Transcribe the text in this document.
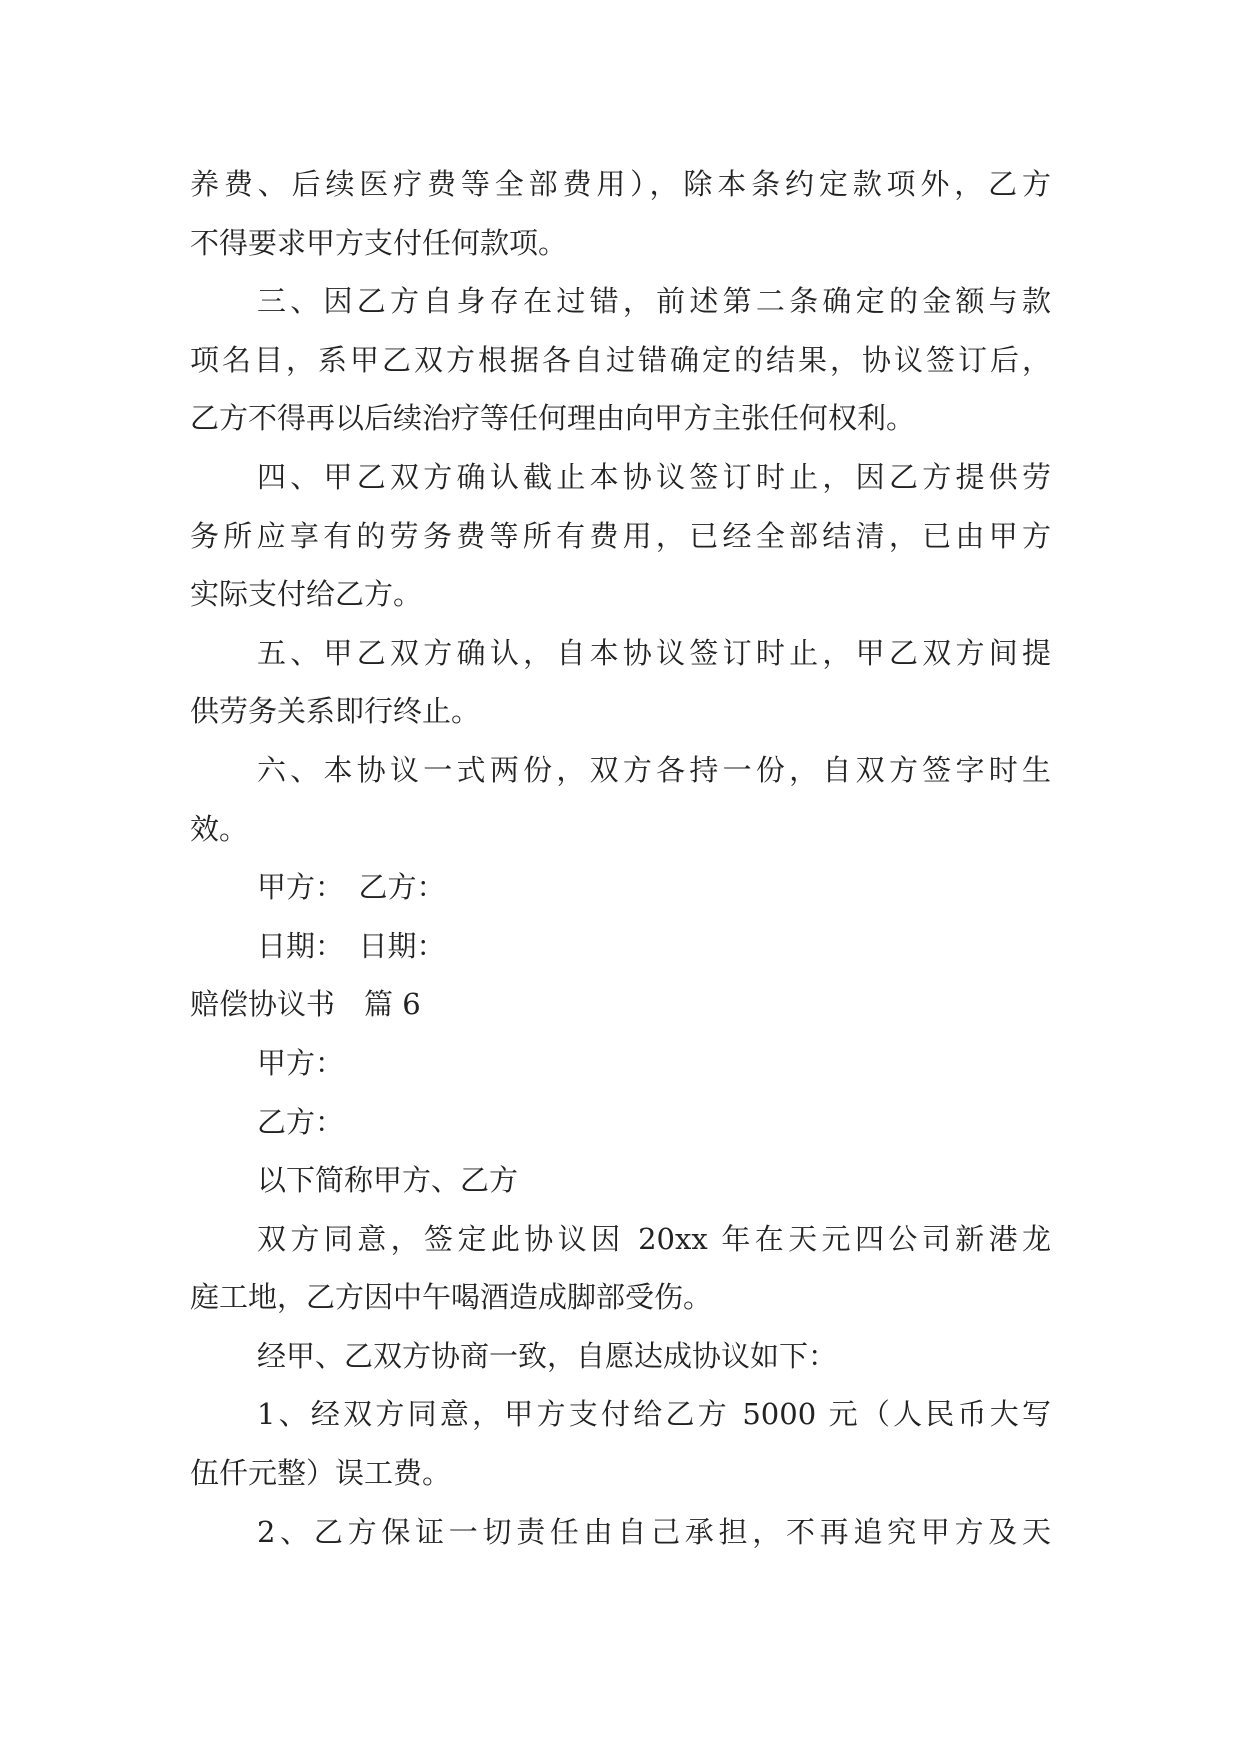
养费、后续医疗费等全部费用），除本条约定款项外，乙方
不得要求甲方支付任何款项。
三、因乙方自身存在过错，前述第二条确定的金额与款
项名目，系甲乙双方根据各自过错确定的结果，协议签订后，
乙方不得再以后续治疗等任何理由向甲方主张任何权利。
四、甲乙双方确认截止本协议签订时止，因乙方提供劳
务所应享有的劳务费等所有费用，已经全部结清，已由甲方
实际支付给乙方。
五、甲乙双方确认，自本协议签订时止，甲乙双方间提
供劳务关系即行终止。
六、本协议一式两份，双方各持一份，自双方签字时生
效。
甲方：　乙方：
日期：　日期：
赔偿协议书　篇 6
甲方：
乙方：
以下简称甲方、乙方
双方同意，签定此协议因 20xx 年在天元四公司新港龙
庭工地，乙方因中午喝酒造成脚部受伤。
经甲、乙双方协商一致，自愿达成协议如下：
1、经双方同意，甲方支付给乙方 5000 元（人民币大写
伍仟元整）误工费。
2、乙方保证一切责任由自己承担，不再追究甲方及天
